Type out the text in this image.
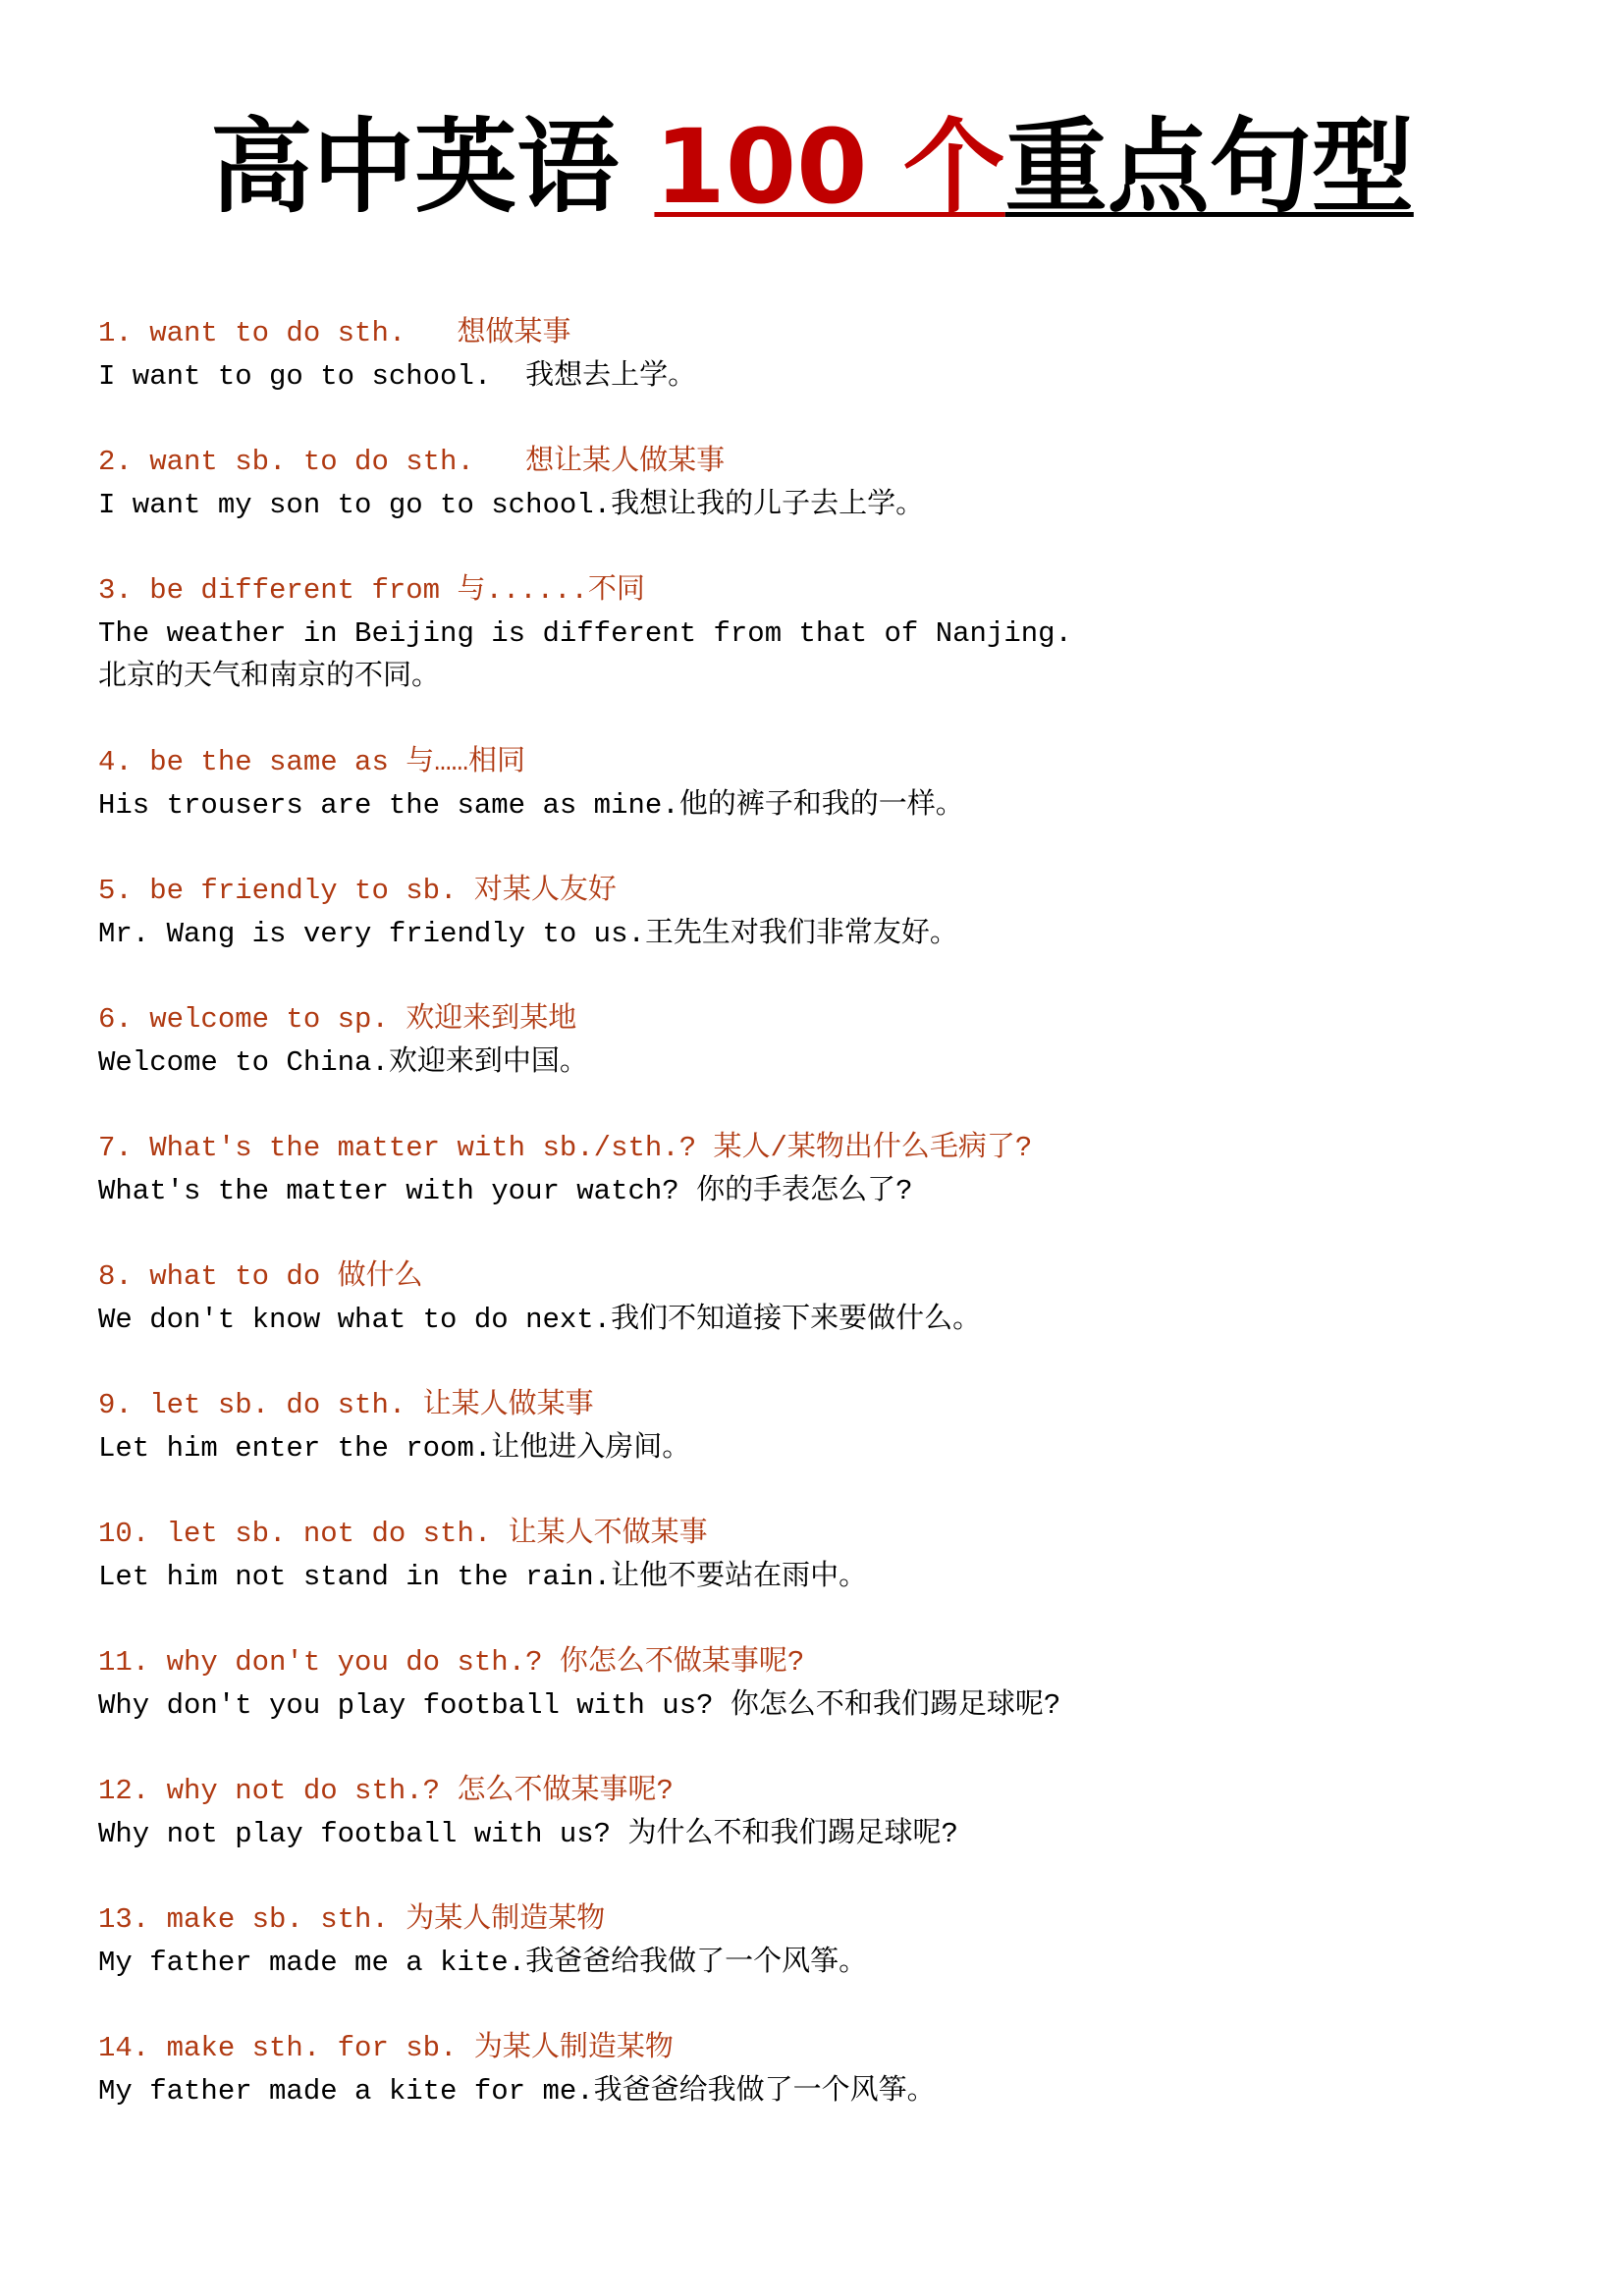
高中英语 100 个重点句型
1. want to do sth.   想做某事
I want to go to school.  我想去上学。
2. want sb. to do sth.   想让某人做某事
I want my son to go to school.我想让我的儿子去上学。
3. be different from 与......不同
The weather in Beijing is different from that of Nanjing.
北京的天气和南京的不同。
4. be the same as 与……相同
His trousers are the same as mine.他的裤子和我的一样。
5. be friendly to sb. 对某人友好
Mr. Wang is very friendly to us.王先生对我们非常友好。
6. welcome to sp. 欢迎来到某地
Welcome to China.欢迎来到中国。
7. What's the matter with sb./sth.? 某人/某物出什么毛病了?
What's the matter with your watch? 你的手表怎么了?
8. what to do 做什么
We don't know what to do next.我们不知道接下来要做什么。
9. let sb. do sth. 让某人做某事
Let him enter the room.让他进入房间。
10. let sb. not do sth. 让某人不做某事
Let him not stand in the rain.让他不要站在雨中。
11. why don't you do sth.? 你怎么不做某事呢?
Why don't you play football with us? 你怎么不和我们踢足球呢?
12. why not do sth.? 怎么不做某事呢?
Why not play football with us? 为什么不和我们踢足球呢?
13. make sb. sth. 为某人制造某物
My father made me a kite.我爸爸给我做了一个风筝。
14. make sth. for sb. 为某人制造某物
My father made a kite for me.我爸爸给我做了一个风筝。
